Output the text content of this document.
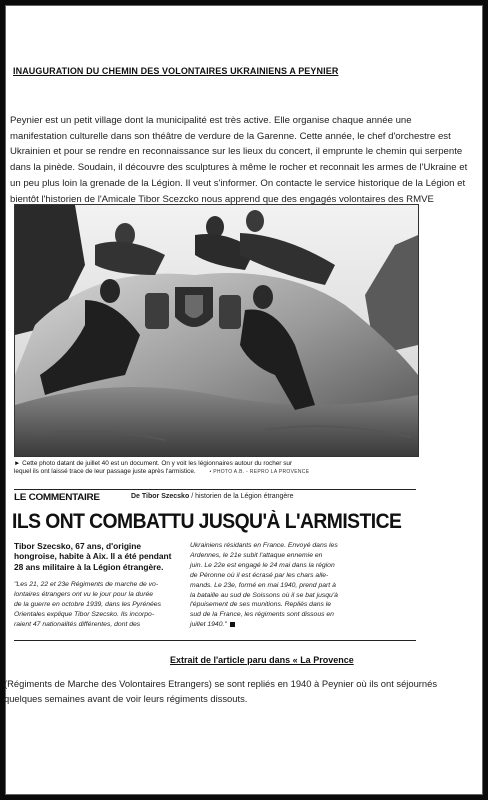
INAUGURATION DU CHEMIN DES VOLONTAIRES UKRAINIENS A PEYNIER
Peynier est un petit village dont la municipalité est très active. Elle organise chaque année une
manifestation culturelle dans son théâtre de verdure de la Garenne. Cette année, le chef d'orchestre est
Ukrainien et pour se rendre en reconnaissance sur les lieux du concert, il emprunte le chemin qui serpente
dans la pinède. Soudain, il découvre des sculptures à même le rocher et reconnait les armes de l'Ukraine et
un peu plus loin la grenade de la Légion. Il veut s'informer. On contacte le service historique de la Légion et
bientôt l'historien de l'Amicale Tibor Scezcko nous apprend que des engagés volontaires des RMVE
► Cette photo datant de juillet 40 est un document. On y voit les légionnaires autour du rocher sur
lequel ils ont laissé trace de leur passage juste après l'armistice.	• PHOTO A.B. - REPRO LA PROVENCE
LE COMMENTAIRE	De Tibor Szecsko / historien de la Légion étrangère
ILS ONT COMBATTU JUSQU'À L'ARMISTICE
Tibor Szecsko, 67 ans, d'origine
hongroise, habite à Aix. Il a été pendant
28 ans militaire à la Légion étrangère.
"Les 21, 22 et 23e Régiments de marche de vo-
lontaires étrangers ont vu le jour pour la durée
de la guerre en octobre 1939, dans les Pyrénées
Orientales explique Tibor Szecsko. Ils incorpo-
raient 47 nationalités différentes, dont des
Ukrainiens résidants en France. Envoyé dans les
Ardennes, le 21e subit l'attaque ennemie en
juin. Le 22e est engagé le 24 mai dans la région
de Péronne où il est écrasé par les chars alle-
mands. Le 23e, formé en mai 1940, prend part à
la bataille au sud de Soissons où il se bat jusqu'à
l'épuisement de ses munitions. Repliés dans le
sud de la France, les régiments sont dissous en
juillet 1940."
Extrait de l'article paru dans « La Provence
(Régiments de Marche des Volontaires Etrangers) se sont repliés en 1940 à Peynier où ils ont séjournés
quelques semaines avant de voir leurs régiments dissouts.
